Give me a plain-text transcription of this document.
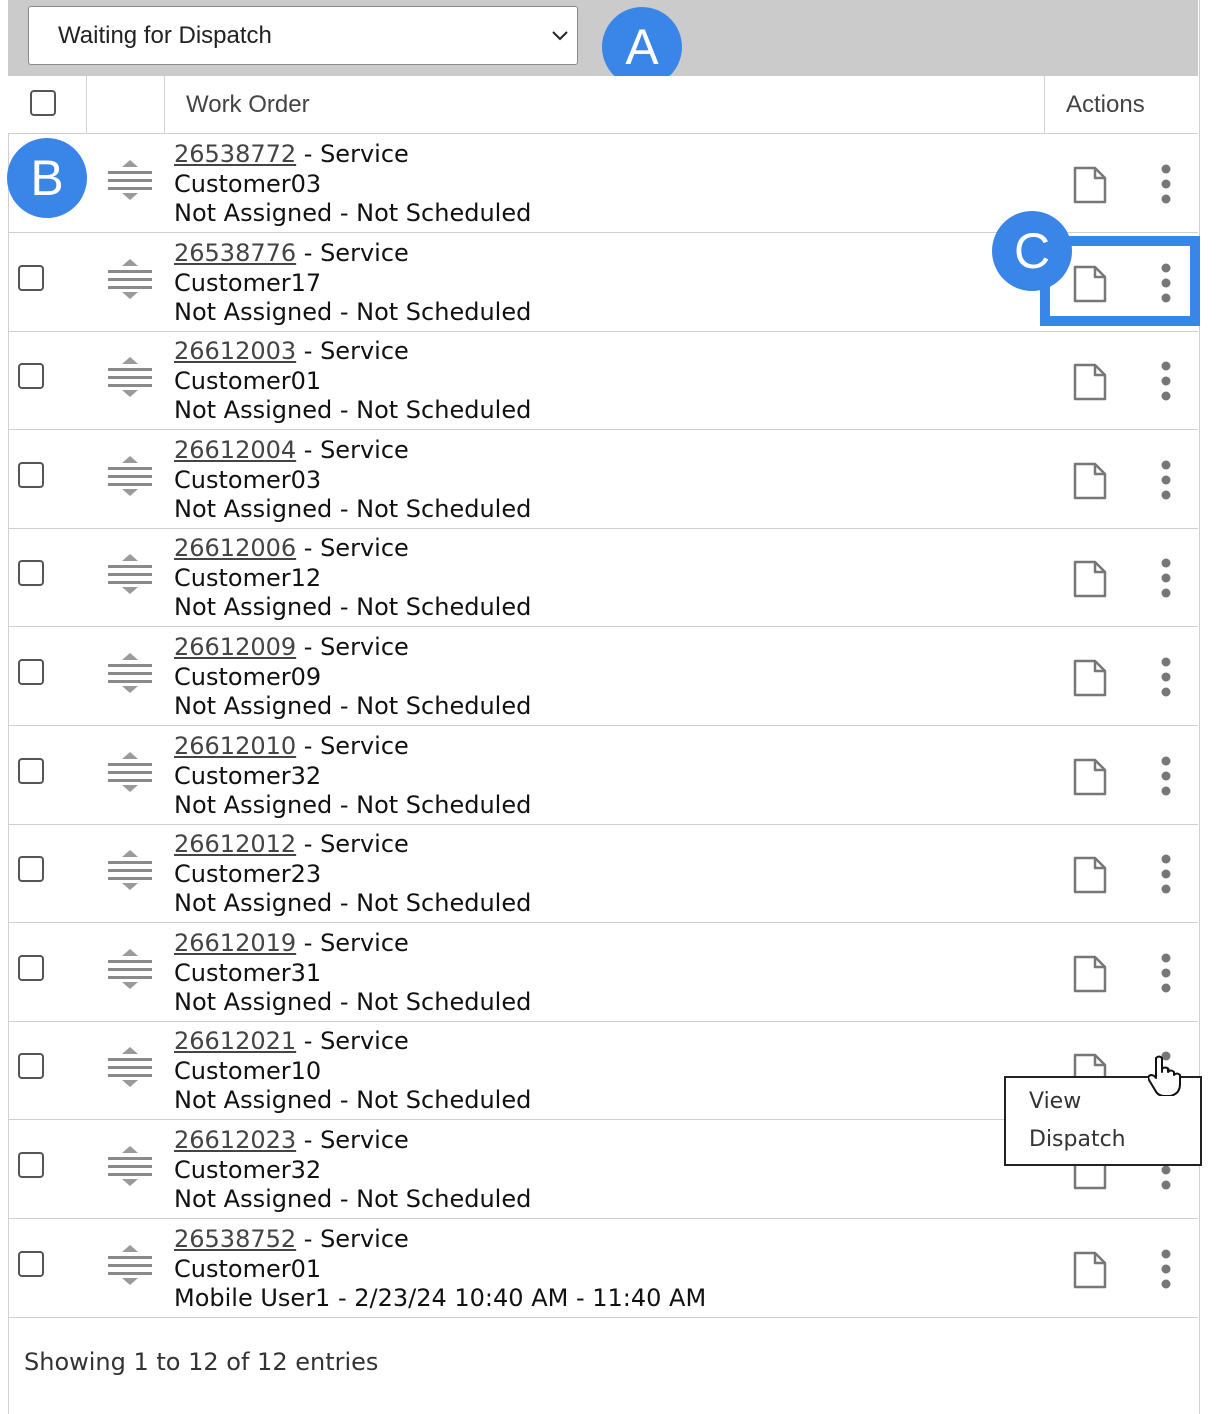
Waiting for Dispatch	A
Work Order	Actions
26538772 - Service
Customer03
Not Assigned - Not Scheduled
26538776 - Service
Customer17
Not Assigned - Not Scheduled
26612003 - Service
Customer01
Not Assigned - Not Scheduled
26612004 - Service
Customer03
Not Assigned - Not Scheduled
26612006 - Service
Customer12
Not Assigned - Not Scheduled
26612009 - Service
Customer09
Not Assigned - Not Scheduled
26612010 - Service
Customer32
Not Assigned - Not Scheduled
26612012 - Service
Customer23
Not Assigned - Not Scheduled
26612019 - Service
Customer31
Not Assigned - Not Scheduled
26612021 - Service
Customer10
Not Assigned - Not Scheduled
26612023 - Service
Customer32
Not Assigned - Not Scheduled
26538752 - Service
Customer01
Mobile User1 - 2/23/24 10:40 AM - 11:40 AM
C
B
View
Dispatch
Showing 1 to 12 of 12 entries
